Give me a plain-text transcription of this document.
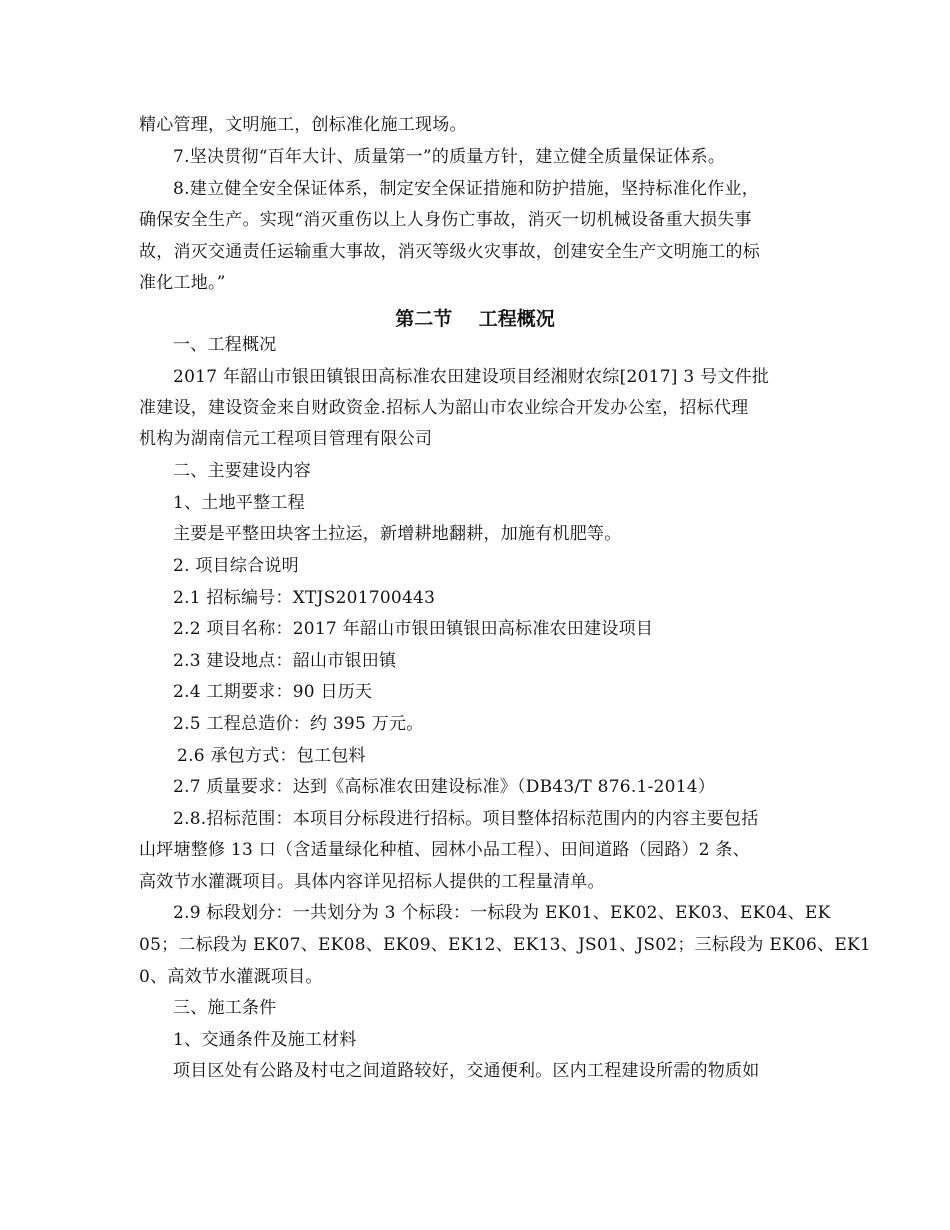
精心管理，文明施工，创标准化施工现场。
7.坚决贯彻“百年大计、质量第一”的质量方针，建立健全质量保证体系。
8.建立健全安全保证体系，制定安全保证措施和防护措施，坚持标准化作业，
确保安全生产。实现“消灭重伤以上人身伤亡事故，消灭一切机械设备重大损失事
故，消灭交通责任运输重大事故，消灭等级火灾事故，创建安全生产文明施工的标
准化工地。”
第二节    工程概况
一、工程概况
2017 年韶山市银田镇银田高标准农田建设项目经湘财农综[2017] 3 号文件批
准建设，建设资金来自财政资金.招标人为韶山市农业综合开发办公室，招标代理
机构为湖南信元工程项目管理有限公司
二、主要建设内容
1、土地平整工程
主要是平整田块客土拉运，新增耕地翻耕，加施有机肥等。
2. 项目综合说明
2.1 招标编号：XTJS201700443
2.2 项目名称：2017 年韶山市银田镇银田高标准农田建设项目
2.3 建设地点：韶山市银田镇
2.4 工期要求：90 日历天
2.5 工程总造价：约 395 万元。
2.6 承包方式：包工包料
2.7 质量要求：达到《高标准农田建设标准》（DB43/T 876.1-2014）
2.8.招标范围：本项目分标段进行招标。项目整体招标范围内的内容主要包括
山坪塘整修 13 口（含适量绿化种植、园林小品工程）、田间道路（园路）2 条、
高效节水灌溉项目。具体内容详见招标人提供的工程量清单。
2.9 标段划分：一共划分为 3 个标段：一标段为 EK01、EK02、EK03、EK04、EK
05；二标段为 EK07、EK08、EK09、EK12、EK13、JS01、JS02；三标段为 EK06、EK1
0、高效节水灌溉项目。
三、施工条件
1、交通条件及施工材料
项目区处有公路及村屯之间道路较好，交通便利。区内工程建设所需的物质如
